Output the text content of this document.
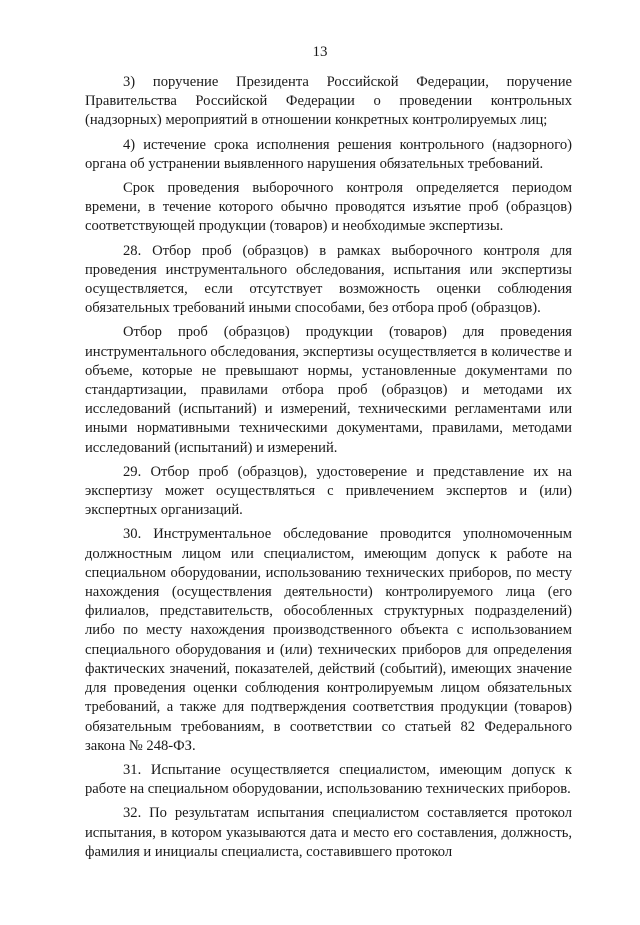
13

3) поручение Президента Российской Федерации, поручение Правительства Российской Федерации о проведении контрольных (надзорных) мероприятий в отношении конкретных контролируемых лиц;

4) истечение срока исполнения решения контрольного (надзорного) органа об устранении выявленного нарушения обязательных требований.

Срок проведения выборочного контроля определяется периодом времени, в течение которого обычно проводятся изъятие проб (образцов) соответствующей продукции (товаров) и необходимые экспертизы.

28. Отбор проб (образцов) в рамках выборочного контроля для проведения инструментального обследования, испытания или экспертизы осуществляется, если отсутствует возможность оценки соблюдения обязательных требований иными способами, без отбора проб (образцов).

Отбор проб (образцов) продукции (товаров) для проведения инструментального обследования, экспертизы осуществляется в количестве и объеме, которые не превышают нормы, установленные документами по стандартизации, правилами отбора проб (образцов) и методами их исследований (испытаний) и измерений, техническими регламентами или иными нормативными техническими документами, правилами, методами исследований (испытаний) и измерений.

29. Отбор проб (образцов), удостоверение и представление их на экспертизу может осуществляться с привлечением экспертов и (или) экспертных организаций.

30. Инструментальное обследование проводится уполномоченным должностным лицом или специалистом, имеющим допуск к работе на специальном оборудовании, использованию технических приборов, по месту нахождения (осуществления деятельности) контролируемого лица (его филиалов, представительств, обособленных структурных подразделений) либо по месту нахождения производственного объекта с использованием специального оборудования и (или) технических приборов для определения фактических значений, показателей, действий (событий), имеющих значение для проведения оценки соблюдения контролируемым лицом обязательных требований, а также для подтверждения соответствия продукции (товаров) обязательным требованиям, в соответствии со статьей 82 Федерального закона № 248-ФЗ.

31. Испытание осуществляется специалистом, имеющим допуск к работе на специальном оборудовании, использованию технических приборов.

32. По результатам испытания специалистом составляется протокол испытания, в котором указываются дата и место его составления, должность, фамилия и инициалы специалиста, составившего протокол
